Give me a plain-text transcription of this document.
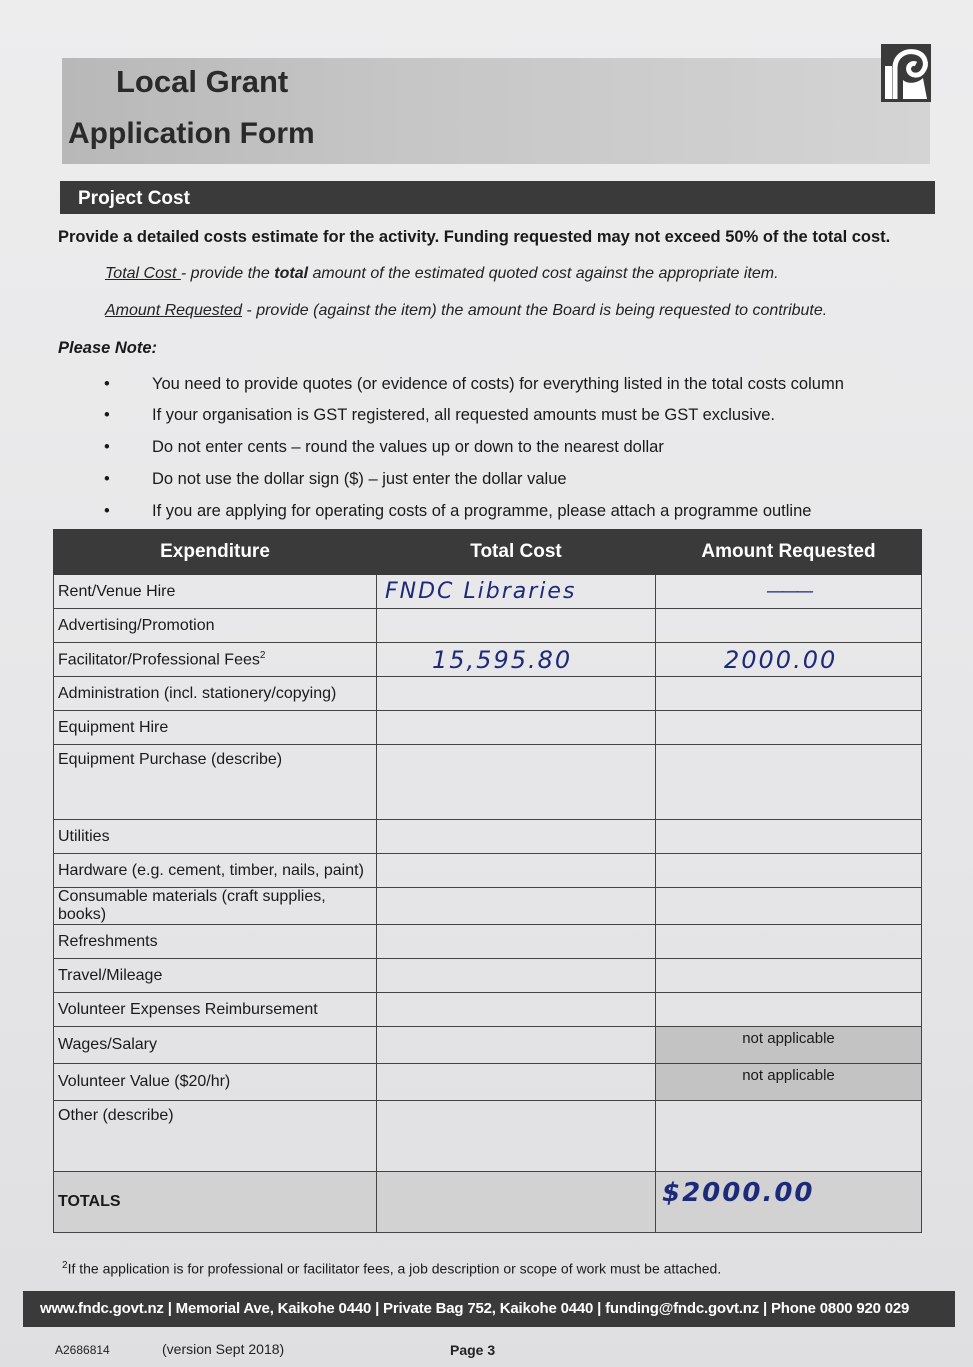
Local Grant
Application Form
Project Cost
Provide a detailed costs estimate for the activity. Funding requested may not exceed 50% of the total cost.
Total Cost - provide the total amount of the estimated quoted cost against the appropriate item.
Amount Requested - provide (against the item) the amount the Board is being requested to contribute.
Please Note:
•	You need to provide quotes (or evidence of costs) for everything listed in the total costs column
•	If your organisation is GST registered, all requested amounts must be GST exclusive.
•	Do not enter cents – round the values up or down to the nearest dollar
•	Do not use the dollar sign ($) – just enter the dollar value
•	If you are applying for operating costs of a programme, please attach a programme outline
Expenditure	Total Cost	Amount Requested
Rent/Venue Hire	FNDC Libraries	———
Advertising/Promotion		
Facilitator/Professional Fees$^2$	15,595.80	2000.00
Administration (incl. stationery/copying)		
Equipment Hire		
Equipment Purchase (describe)		
Utilities		
Hardware (e.g. cement, timber, nails, paint)		
Consumable materials (craft supplies, books)		
Refreshments		
Travel/Mileage		
Volunteer Expenses Reimbursement		
Wages/Salary		not applicable
Volunteer Value ($20/hr)		not applicable
Other (describe)		
TOTALS		$2000.00
$^2$If the application is for professional or facilitator fees, a job description or scope of work must be attached.
www.fndc.govt.nz | Memorial Ave, Kaikohe 0440 | Private Bag 752, Kaikohe 0440 | funding@fndc.govt.nz | Phone 0800 920 029
A2686814	(version Sept 2018)	Page 3
